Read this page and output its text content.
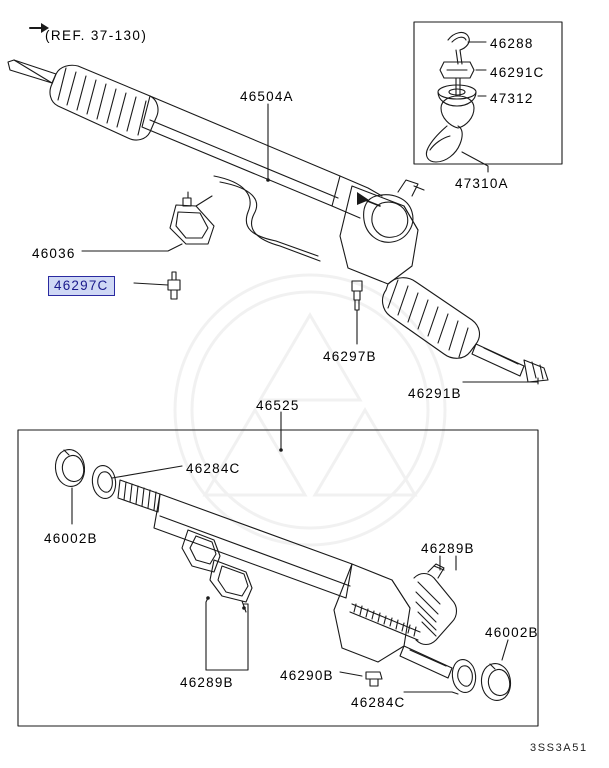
(REF. 37-130)
46504A
46288
46291C
47312
47310A
46036
46297C
46297B
46291B
46525
46284C
46002B
46289B	46290B
46284C
46289B
46002B
3SS3A51
